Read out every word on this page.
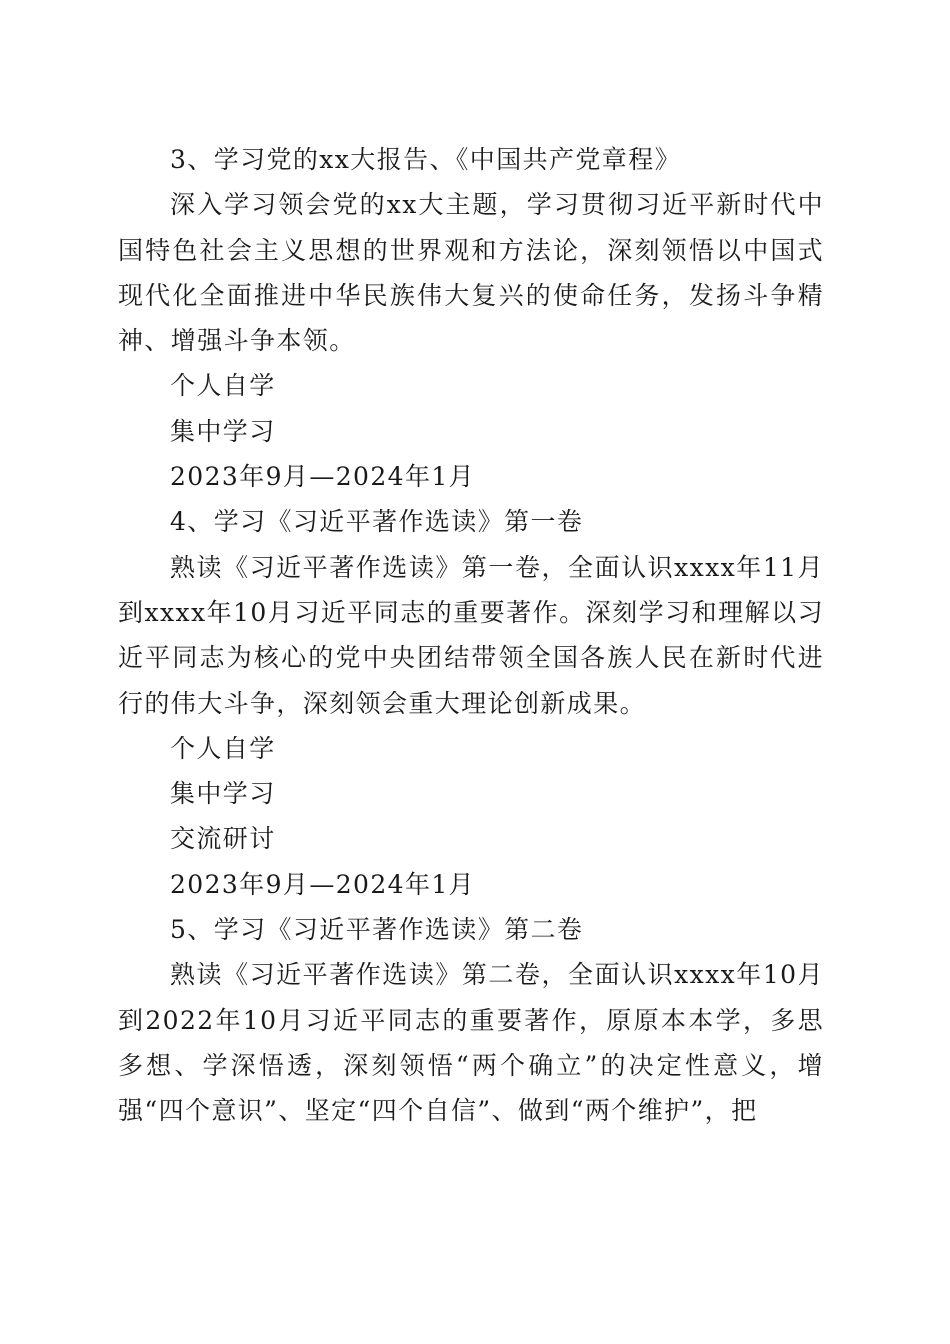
3、学习党的xx大报告、《中国共产党章程》

深入学习领会党的xx大主题，学习贯彻习近平新时代中国特色社会主义思想的世界观和方法论，深刻领悟以中国式现代化全面推进中华民族伟大复兴的使命任务，发扬斗争精神、增强斗争本领。

个人自学

集中学习

2023年9月—2024年1月

4、学习《习近平著作选读》第一卷

熟读《习近平著作选读》第一卷，全面认识xxxx年11月到xxxx年10月习近平同志的重要著作。深刻学习和理解以习近平同志为核心的党中央团结带领全国各族人民在新时代进行的伟大斗争，深刻领会重大理论创新成果。

个人自学

集中学习

交流研讨

2023年9月—2024年1月

5、学习《习近平著作选读》第二卷

熟读《习近平著作选读》第二卷，全面认识xxxx年10月到2022年10月习近平同志的重要著作，原原本本学，多思多想、学深悟透，深刻领悟“两个确立”的决定性意义，增强“四个意识”、坚定“四个自信”、做到“两个维护”，把
